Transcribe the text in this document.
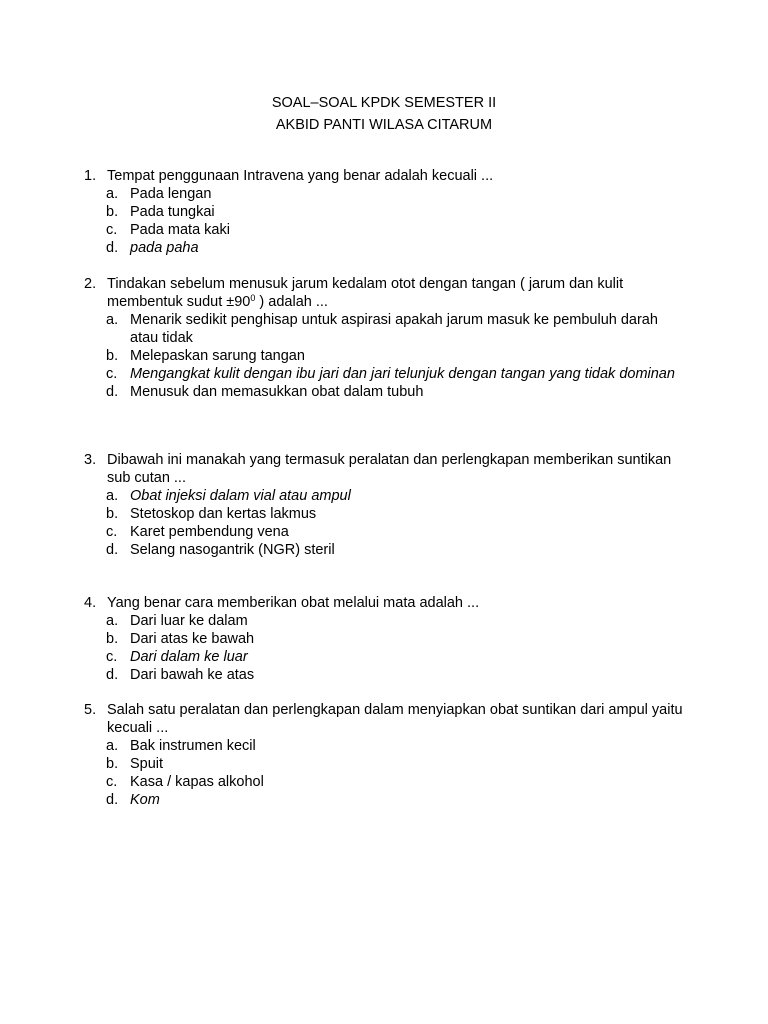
SOAL–SOAL KPDK SEMESTER II
AKBID PANTI WILASA CITARUM
1. Tempat penggunaan Intravena yang benar adalah kecuali ...
a. Pada lengan
b. Pada tungkai
c. Pada mata kaki
d. pada paha
2. Tindakan sebelum menusuk jarum kedalam otot dengan tangan ( jarum dan kulit membentuk sudut $\pm 90^0$ ) adalah ...
a. Menarik sedikit penghisap untuk aspirasi apakah jarum masuk ke pembuluh darah atau tidak
b. Melepaskan sarung tangan
c. Mengangkat kulit dengan ibu jari dan jari telunjuk dengan tangan yang tidak dominan
d. Menusuk dan memasukkan obat dalam tubuh
3. Dibawah ini manakah yang termasuk peralatan dan perlengkapan memberikan suntikan sub cutan ...
a. Obat injeksi dalam vial atau ampul
b. Stetoskop dan kertas lakmus
c. Karet pembendung vena
d. Selang nasogantrik (NGR) steril
4. Yang benar cara memberikan obat melalui mata adalah ...
a. Dari luar ke dalam
b. Dari atas ke bawah
c. Dari dalam ke luar
d. Dari bawah ke atas
5. Salah satu peralatan dan perlengkapan dalam menyiapkan obat suntikan dari ampul yaitu kecuali ...
a. Bak instrumen kecil
b. Spuit
c. Kasa / kapas alkohol
d. Kom
